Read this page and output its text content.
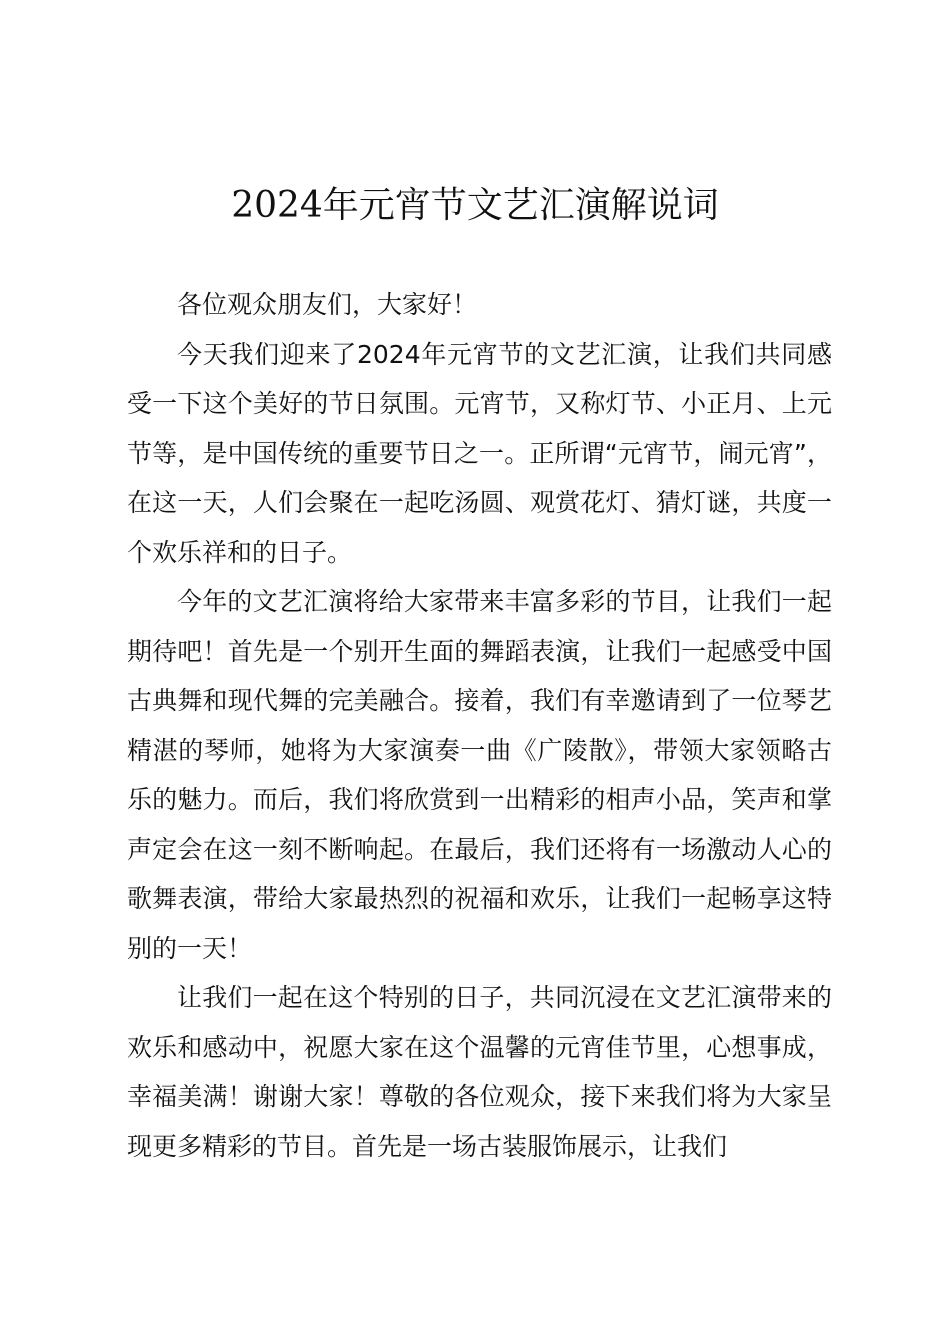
2024年元宵节文艺汇演解说词

各位观众朋友们，大家好！

今天我们迎来了2024年元宵节的文艺汇演，让我们共同感受一下这个美好的节日氛围。元宵节，又称灯节、小正月、上元节等，是中国传统的重要节日之一。正所谓“元宵节，闹元宵”，在这一天，人们会聚在一起吃汤圆、观赏花灯、猜灯谜，共度一个欢乐祥和的日子。

今年的文艺汇演将给大家带来丰富多彩的节目，让我们一起期待吧！首先是一个别开生面的舞蹈表演，让我们一起感受中国古典舞和现代舞的完美融合。接着，我们有幸邀请到了一位琴艺精湛的琴师，她将为大家演奏一曲《广陵散》，带领大家领略古乐的魅力。而后，我们将欣赏到一出精彩的相声小品，笑声和掌声定会在这一刻不断响起。在最后，我们还将有一场激动人心的歌舞表演，带给大家最热烈的祝福和欢乐，让我们一起畅享这特别的一天！

让我们一起在这个特别的日子，共同沉浸在文艺汇演带来的欢乐和感动中，祝愿大家在这个温馨的元宵佳节里，心想事成，幸福美满！谢谢大家！尊敬的各位观众，接下来我们将为大家呈现更多精彩的节目。首先是一场古装服饰展示，让我们
